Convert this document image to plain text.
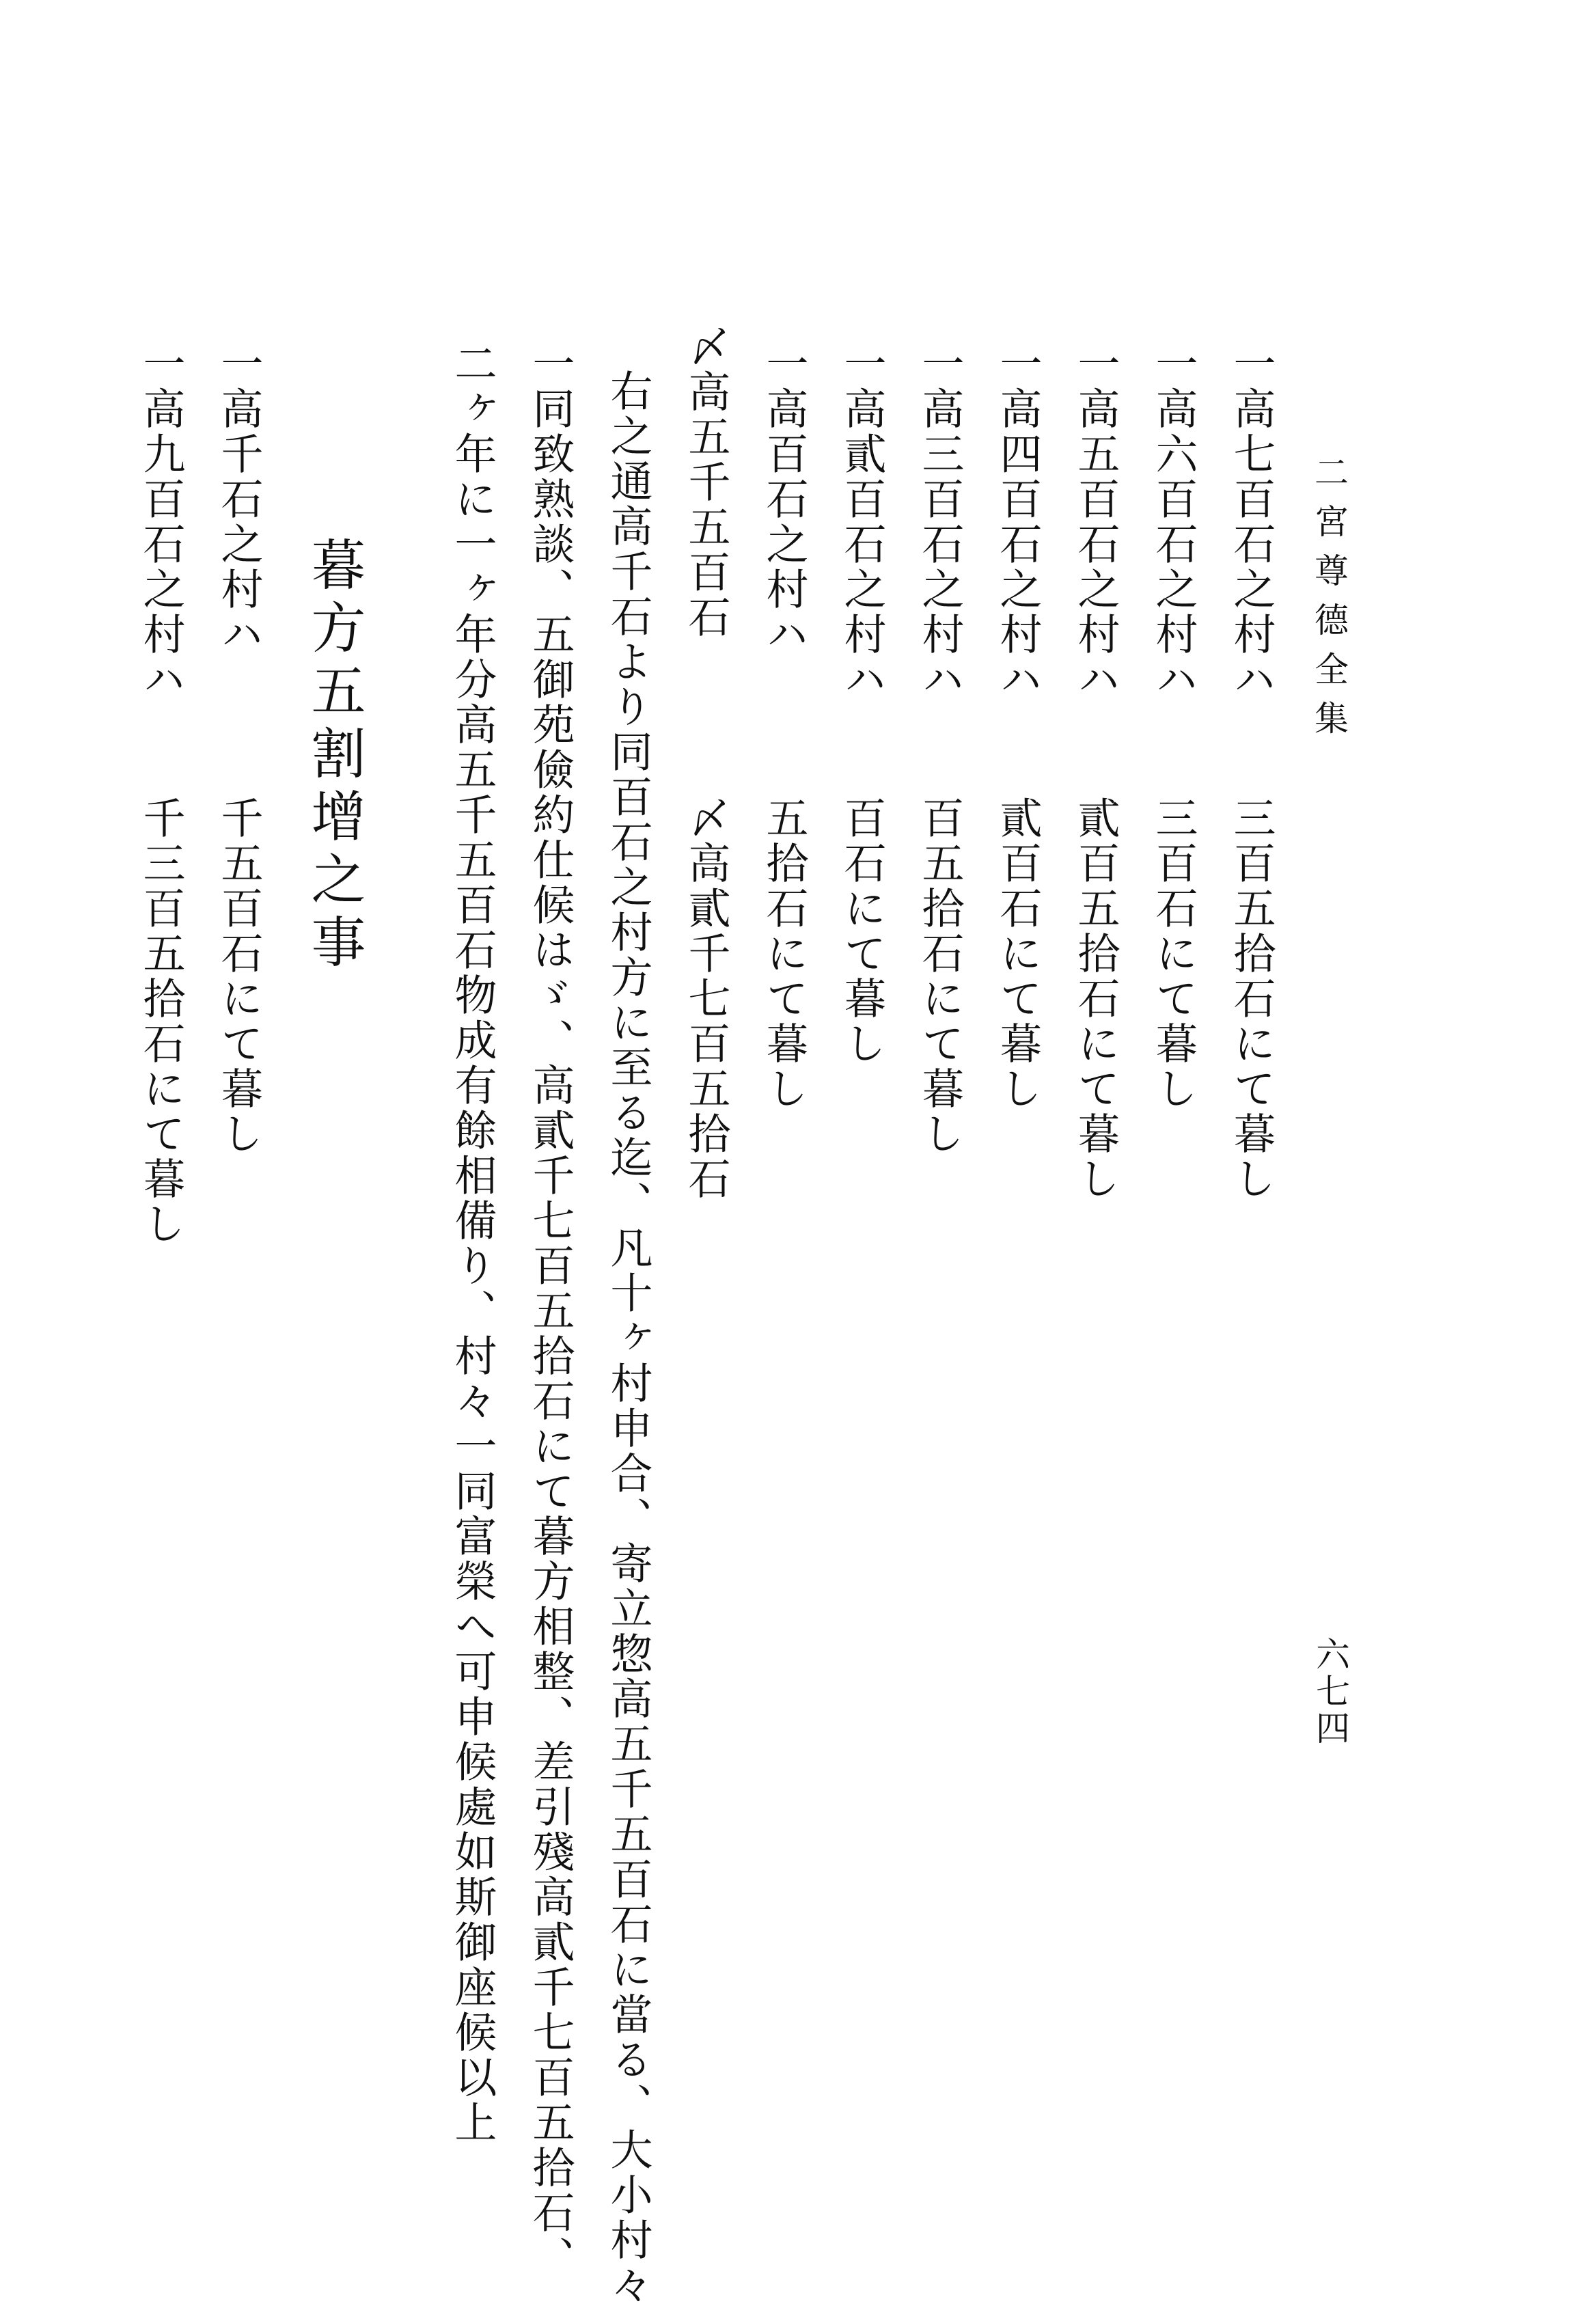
二宮尊德全集
六七四
一高七百石之村ハ
三百五拾石にて暮し
一高六百石之村ハ
三百石にて暮し
一高五百石之村ハ
貳百五拾石にて暮し
一高四百石之村ハ
貳百石にて暮し
一高三百石之村ハ
百五拾石にて暮し
一高貳百石之村ハ
百石にて暮し
一高百石之村ハ
五拾石にて暮し
〆高五千五百石
〆高貳千七百五拾石
右之通高千石より同百石之村方に至る迄、凡十ヶ村申合、寄立惣高五千五百石に當る、大小村々
一同致熟談、五御苑儉約仕候はゞ、高貳千七百五拾石にて暮方相整、差引殘高貳千七百五拾石、
二ヶ年に一ヶ年分高五千五百石物成有餘相備り、村々一同富榮へ可申候處如斯御座候以上
暮方五割增之事
一高千石之村ハ
千五百石にて暮し
一高九百石之村ハ
千三百五拾石にて暮し
